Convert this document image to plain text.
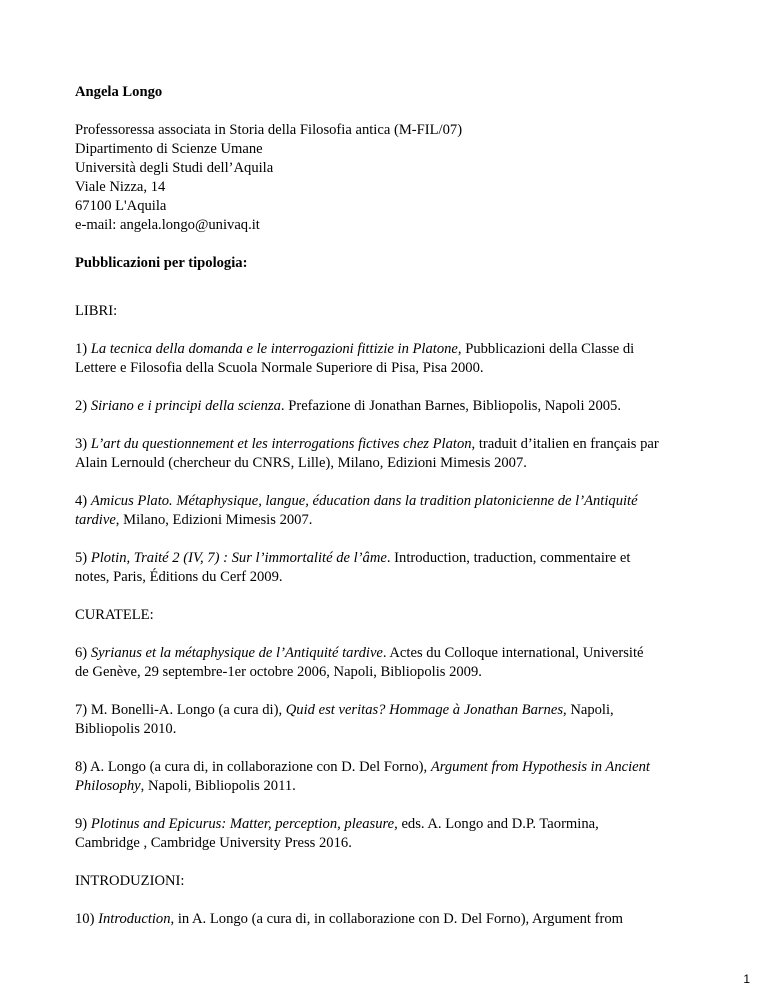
Angela Longo
Professoressa associata in Storia della Filosofia antica (M-FIL/07)
Dipartimento di Scienze Umane
Università degli Studi dell’Aquila
Viale Nizza, 14
67100 L'Aquila
e-mail: angela.longo@univaq.it
Pubblicazioni per tipologia:
LIBRI:
1) La tecnica della domanda e le interrogazioni fittizie in Platone, Pubblicazioni della Classe di
Lettere e Filosofia della Scuola Normale Superiore di Pisa, Pisa 2000.
2) Siriano e i principi della scienza. Prefazione di Jonathan Barnes, Bibliopolis, Napoli 2005.
3) L’art du questionnement et les interrogations fictives chez Platon, traduit d’italien en français par
Alain Lernould (chercheur du CNRS, Lille), Milano, Edizioni Mimesis 2007.
4) Amicus Plato. Métaphysique, langue, éducation dans la tradition platonicienne de l’Antiquité
tardive, Milano, Edizioni Mimesis 2007.
5) Plotin, Traité 2 (IV, 7) : Sur l’immortalité de l’âme. Introduction, traduction, commentaire et
notes, Paris, Éditions du Cerf 2009.
CURATELE:
6) Syrianus et la métaphysique de l’Antiquité tardive. Actes du Colloque international, Université
de Genève, 29 septembre-1er octobre 2006, Napoli, Bibliopolis 2009.
7) M. Bonelli-A. Longo (a cura di), Quid est veritas? Hommage à Jonathan Barnes, Napoli,
Bibliopolis 2010.
8) A. Longo (a cura di, in collaborazione con D. Del Forno), Argument from Hypothesis in Ancient
Philosophy, Napoli, Bibliopolis 2011.
9) Plotinus and Epicurus: Matter, perception, pleasure, eds. A. Longo and D.P. Taormina,
Cambridge , Cambridge University Press 2016.
INTRODUZIONI:
10) Introduction, in A. Longo (a cura di, in collaborazione con D. Del Forno), Argument from
1
